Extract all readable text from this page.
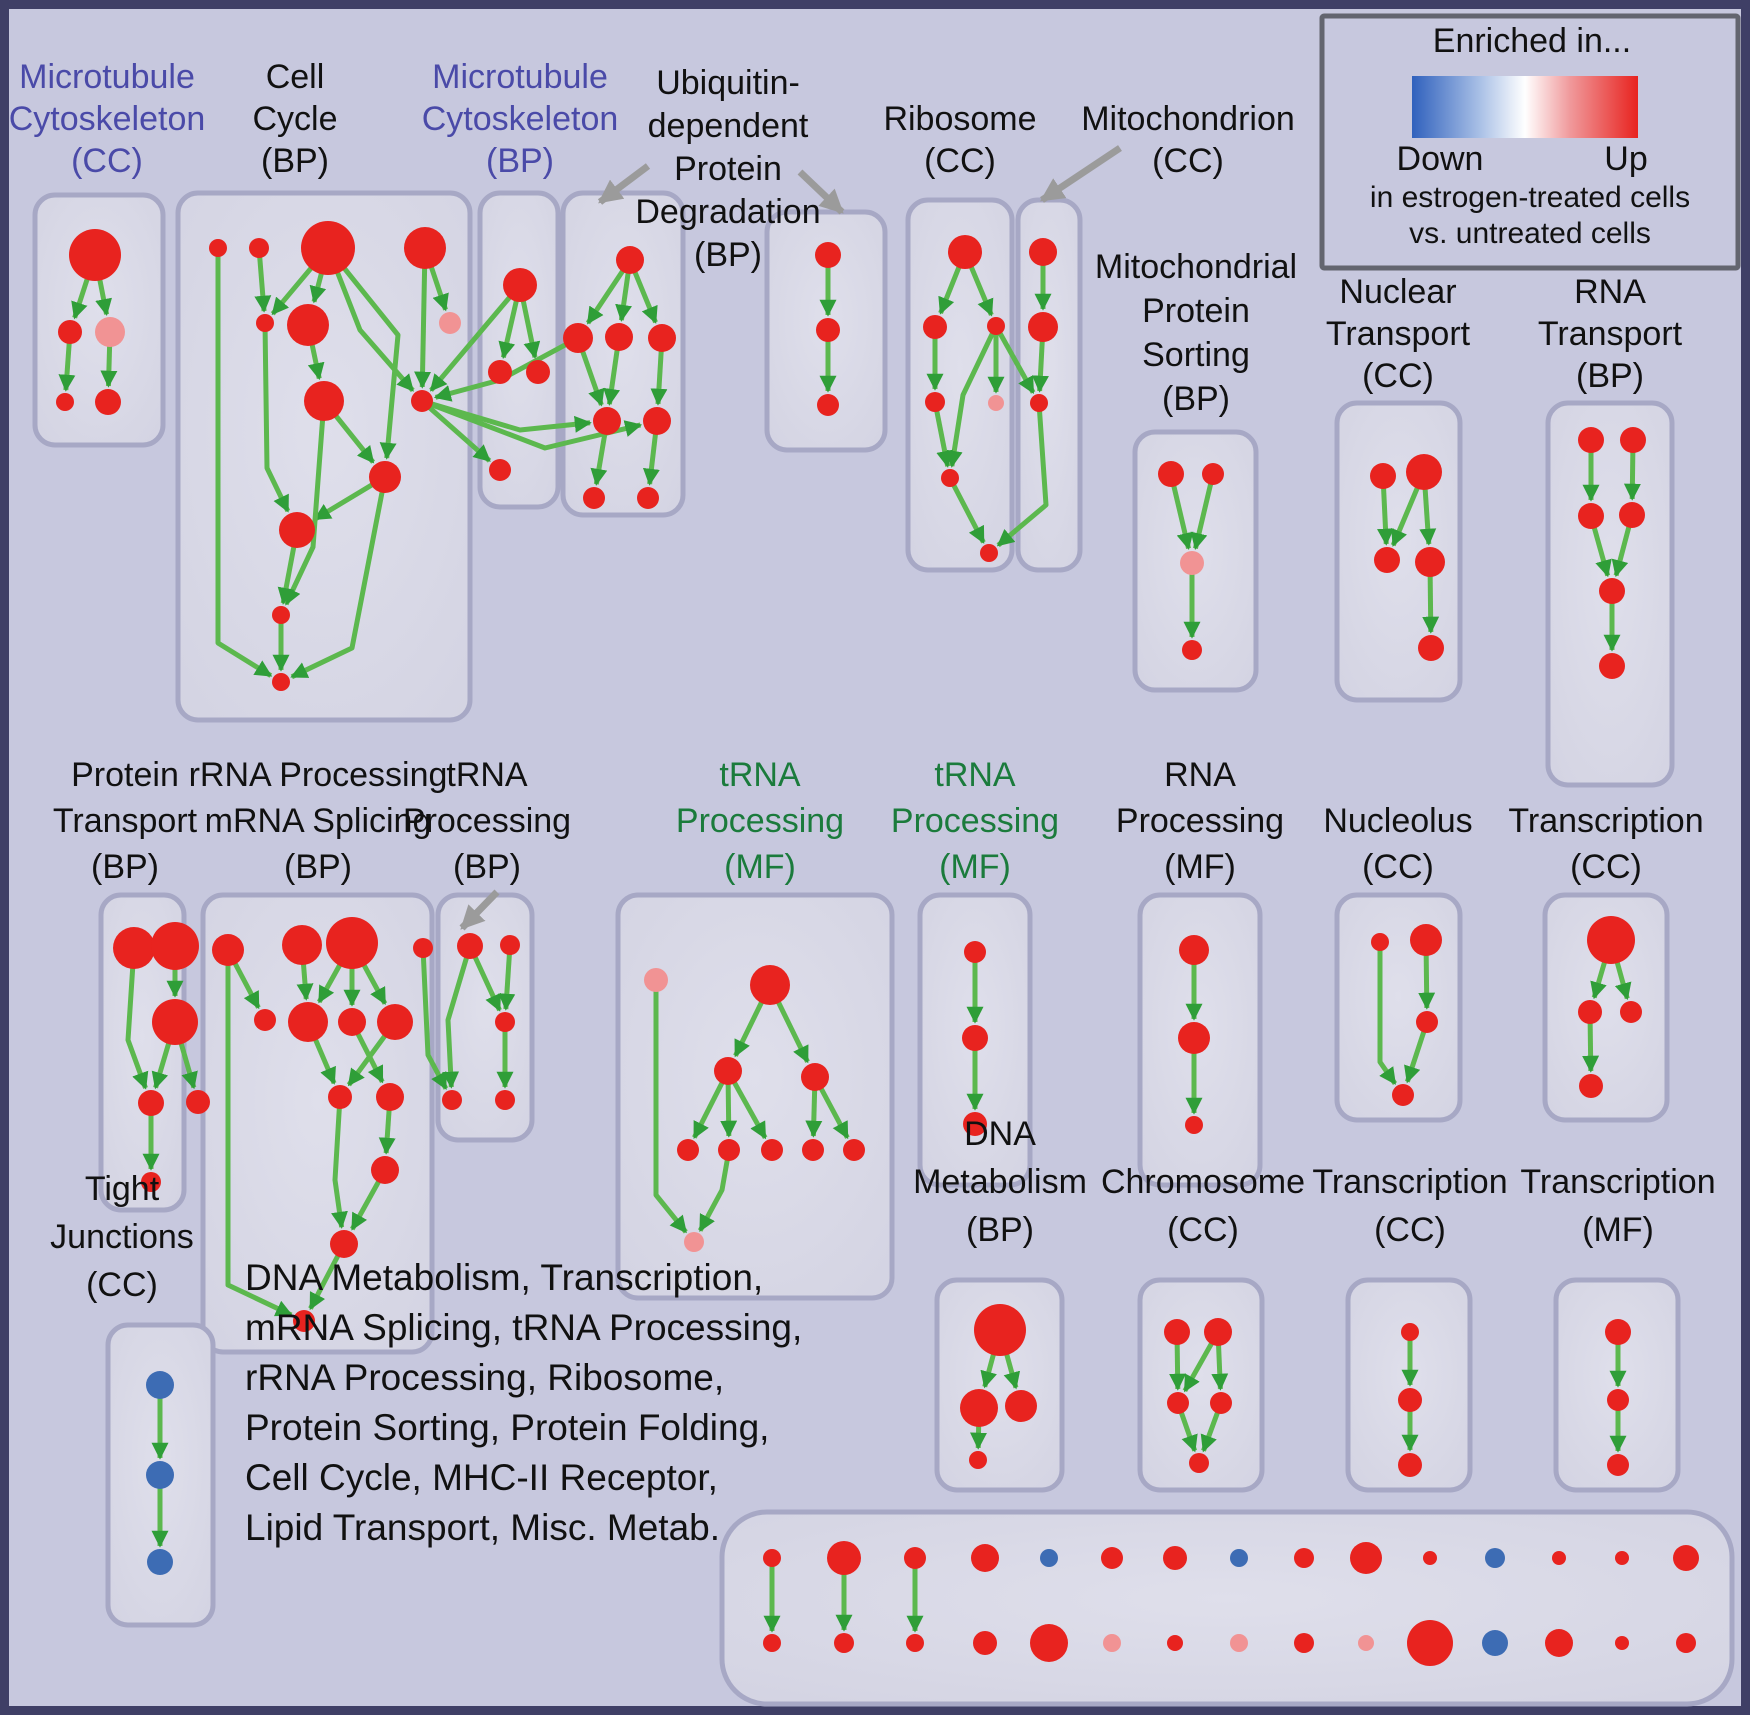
Microtubule Cytoskeleton (CC)
Cell Cycle (BP)
Microtubule Cytoskeleton (BP)
Ribosome (CC)
Mitochondrion (CC)
Mitochondrial Protein Sorting (BP)
Nuclear Transport (CC)
RNA Transport (BP)
Protein Transport (BP)
rRNA Processing mRNA Splicing (BP)
tRNA Processing (BP)
tRNA Processing (MF)
tRNA Processing (MF)
RNA Processing (MF)
Nucleolus (CC)
Transcription (CC)
DNA Metabolism (BP)
Chromosome (CC)
Transcription (CC)
Transcription (MF)
Tight Junctions (CC)
Ubiquitin-dependent Protein Degradation (BP)
Enriched in...
Down	Up
in estrogen-treated cells
vs. untreated cells
DNA Metabolism, Transcription, mRNA Splicing, tRNA Processing, rRNA Processing, Ribosome, Protein Sorting, Protein Folding, Cell Cycle, MHC-II Receptor, Lipid Transport, Misc. Metab.
